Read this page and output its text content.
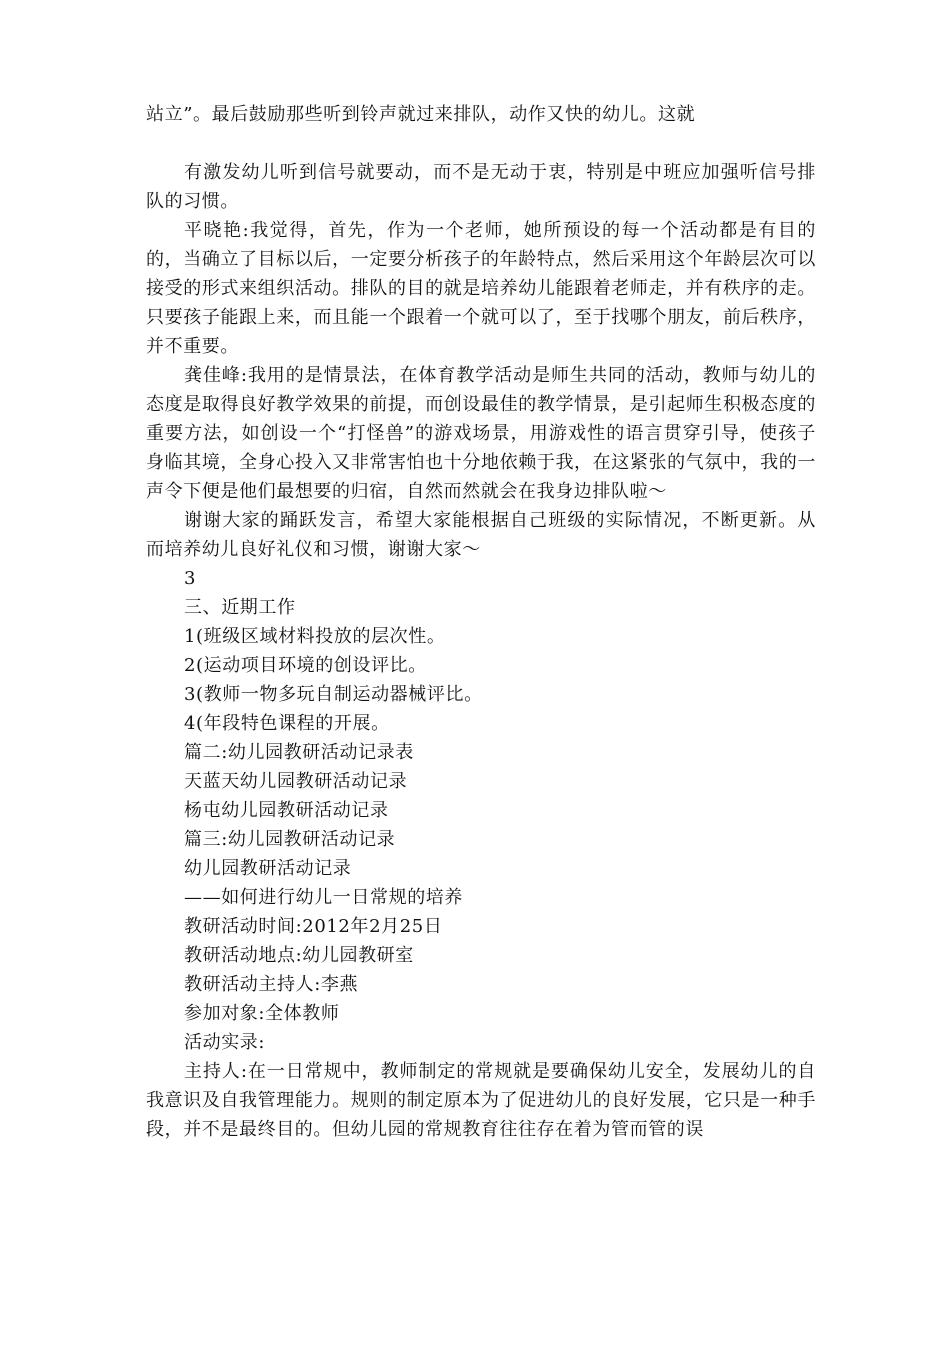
站立”。最后鼓励那些听到铃声就过来排队，动作又快的幼儿。这就

有激发幼儿听到信号就要动，而不是无动于衷，特别是中班应加强听信号排队的习惯。

平晓艳:我觉得，首先，作为一个老师，她所预设的每一个活动都是有目的的，当确立了目标以后，一定要分析孩子的年龄特点，然后采用这个年龄层次可以接受的形式来组织活动。排队的目的就是培养幼儿能跟着老师走，并有秩序的走。只要孩子能跟上来，而且能一个跟着一个就可以了，至于找哪个朋友，前后秩序，并不重要。

龚佳峰:我用的是情景法，在体育教学活动是师生共同的活动，教师与幼儿的态度是取得良好教学效果的前提，而创设最佳的教学情景，是引起师生积极态度的重要方法，如创设一个“打怪兽”的游戏场景，用游戏性的语言贯穿引导，使孩子身临其境，全身心投入又非常害怕也十分地依赖于我，在这紧张的气氛中，我的一声令下便是他们最想要的归宿，自然而然就会在我身边排队啦～

谢谢大家的踊跃发言，希望大家能根据自己班级的实际情况，不断更新。从而培养幼儿良好礼仪和习惯，谢谢大家～

3

三、近期工作

1(班级区域材料投放的层次性。

2(运动项目环境的创设评比。

3(教师一物多玩自制运动器械评比。

4(年段特色课程的开展。

篇二:幼儿园教研活动记录表

天蓝天幼儿园教研活动记录

杨屯幼儿园教研活动记录

篇三:幼儿园教研活动记录

幼儿园教研活动记录

——如何进行幼儿一日常规的培养

教研活动时间:2012年2月25日

教研活动地点:幼儿园教研室

教研活动主持人:李燕

参加对象:全体教师

活动实录:

主持人:在一日常规中，教师制定的常规就是要确保幼儿安全，发展幼儿的自我意识及自我管理能力。规则的制定原本为了促进幼儿的良好发展，它只是一种手段，并不是最终目的。但幼儿园的常规教育往往存在着为管而管的误
